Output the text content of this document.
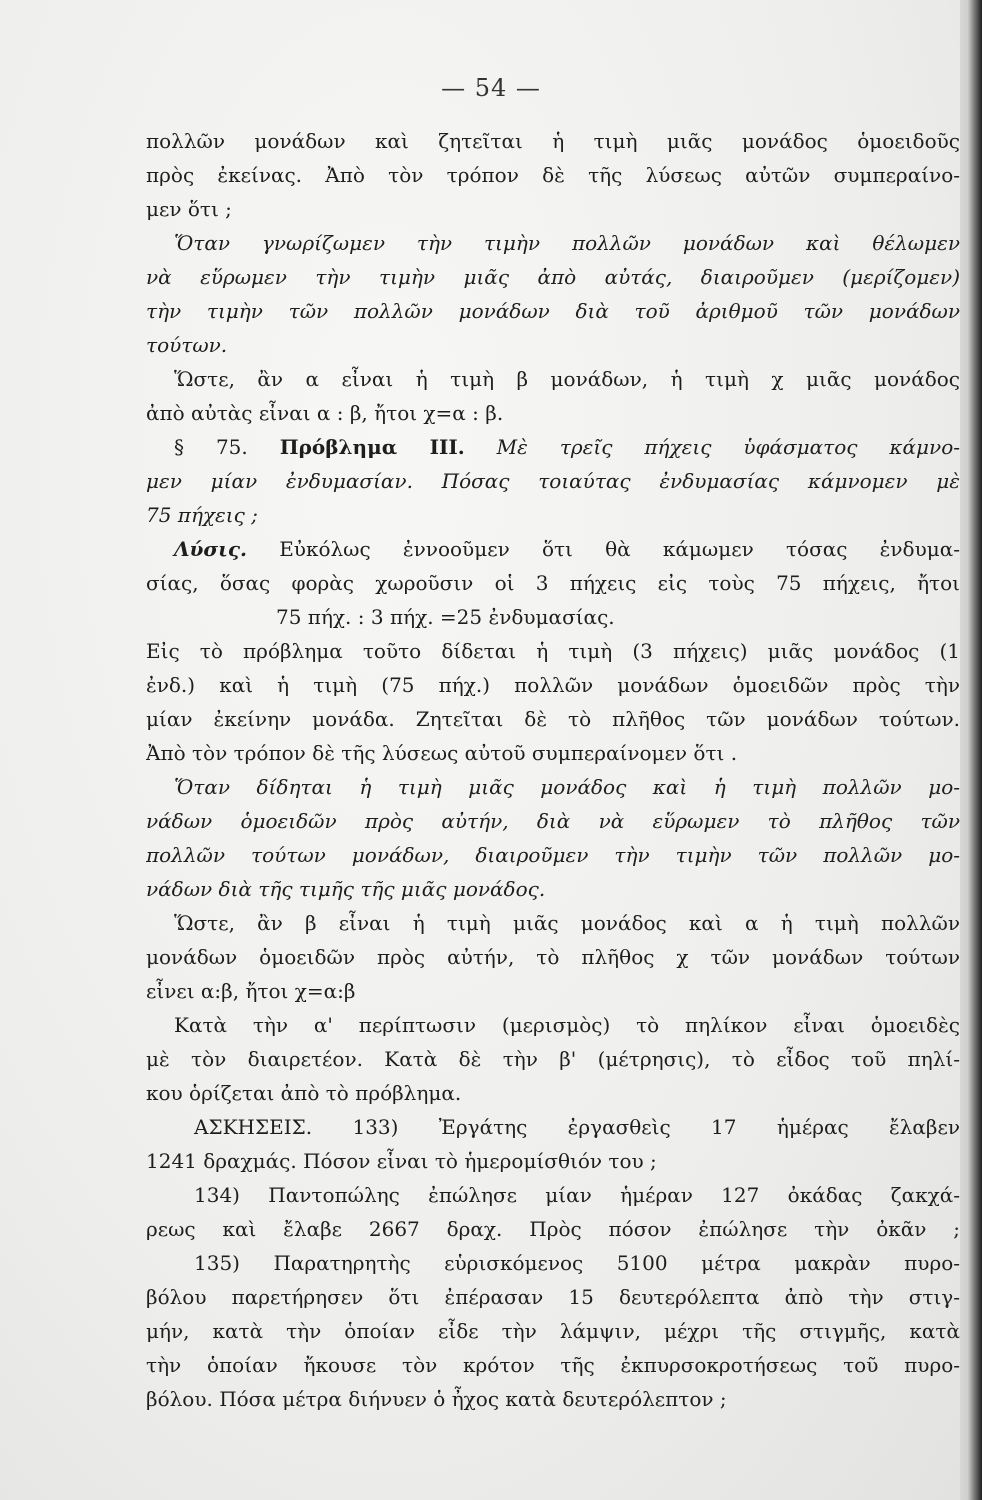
— 54 —
πολλῶν μονάδων καὶ ζητεῖται ἡ τιμὴ μιᾶς μονάδος ὁμοειδοῦς
πρὸς ἐκείνας. Ἀπὸ τὸν τρόπον δὲ τῆς λύσεως αὐτῶν συμπεραίνο-
μεν ὅτι ;
Ὅταν γνωρίζωμεν τὴν τιμὴν πολλῶν μονάδων καὶ θέλωμεν
νὰ εὕρωμεν τὴν τιμὴν μιᾶς ἀπὸ αὐτάς, διαιροῦμεν (μερίζομεν)
τὴν τιμὴν τῶν πολλῶν μονάδων διὰ τοῦ ἀριθμοῦ τῶν μονάδων
τούτων.
Ὥστε, ἂν α εἶναι ἡ τιμὴ β μονάδων, ἡ τιμὴ χ μιᾶς μονάδος
ἀπὸ αὐτὰς εἶναι α : β, ἤτοι χ=α : β.
§ 75. Πρόβλημα ΙΙΙ. Μὲ τρεῖς πήχεις ὑφάσματος κάμνο-
μεν μίαν ἐνδυμασίαν. Πόσας τοιαύτας ἐνδυμασίας κάμνομεν μὲ
75 πήχεις ;
Λύσις. Εὐκόλως ἐννοοῦμεν ὅτι θὰ κάμωμεν τόσας ἐνδυμα-
σίας, ὅσας φορὰς χωροῦσιν οἱ 3 πήχεις εἰς τοὺς 75 πήχεις, ἤτοι
75 πήχ. : 3 πήχ. =25 ἐνδυμασίας.
Εἰς τὸ πρόβλημα τοῦτο δίδεται ἡ τιμὴ (3 πήχεις) μιᾶς μονάδος (1
ἐνδ.) καὶ ἡ τιμὴ (75 πήχ.) πολλῶν μονάδων ὁμοειδῶν πρὸς τὴν
μίαν ἐκείνην μονάδα. Ζητεῖται δὲ τὸ πλῆθος τῶν μονάδων τούτων.
Ἀπὸ τὸν τρόπον δὲ τῆς λύσεως αὐτοῦ συμπεραίνομεν ὅτι .
Ὅταν δίδηται ἡ τιμὴ μιᾶς μονάδος καὶ ἡ τιμὴ πολλῶν μο-
νάδων ὁμοειδῶν πρὸς αὐτήν, διὰ νὰ εὕρωμεν τὸ πλῆθος τῶν
πολλῶν τούτων μονάδων, διαιροῦμεν τὴν τιμὴν τῶν πολλῶν μο-
νάδων διὰ τῆς τιμῆς τῆς μιᾶς μονάδος.
Ὥστε, ἂν β εἶναι ἡ τιμὴ μιᾶς μονάδος καὶ α ἡ τιμὴ πολλῶν
μονάδων ὁμοειδῶν πρὸς αὐτήν, τὸ πλῆθος χ τῶν μονάδων τούτων
εἶνει α:β, ἤτοι χ=α:β
Κατὰ τὴν α' περίπτωσιν (μερισμὸς) τὸ πηλίκον εἶναι ὁμοειδὲς
μὲ τὸν διαιρετέον. Κατὰ δὲ τὴν β' (μέτρησις), τὸ εἶδος τοῦ πηλί-
κου ὁρίζεται ἀπὸ τὸ πρόβλημα.
ΑΣΚΗΣΕΙΣ. 133) Ἐργάτης ἐργασθεὶς 17 ἡμέρας ἔλαβεν
1241 δραχμάς. Πόσον εἶναι τὸ ἡμερομίσθιόν του ;
134) Παντοπώλης ἐπώλησε μίαν ἡμέραν 127 ὀκάδας ζακχά-
ρεως καὶ ἔλαβε 2667 δραχ. Πρὸς πόσον ἐπώλησε τὴν ὀκᾶν ;
135) Παρατηρητὴς εὑρισκόμενος 5100 μέτρα μακρὰν πυρο-
βόλου παρετήρησεν ὅτι ἐπέρασαν 15 δευτερόλεπτα ἀπὸ τὴν στιγ-
μήν, κατὰ τὴν ὁποίαν εἶδε τὴν λάμψιν, μέχρι τῆς στιγμῆς, κατὰ
τὴν ὁποίαν ἤκουσε τὸν κρότον τῆς ἐκπυρσοκροτήσεως τοῦ πυρο-
βόλου. Πόσα μέτρα διήνυεν ὁ ἦχος κατὰ δευτερόλεπτον ;
